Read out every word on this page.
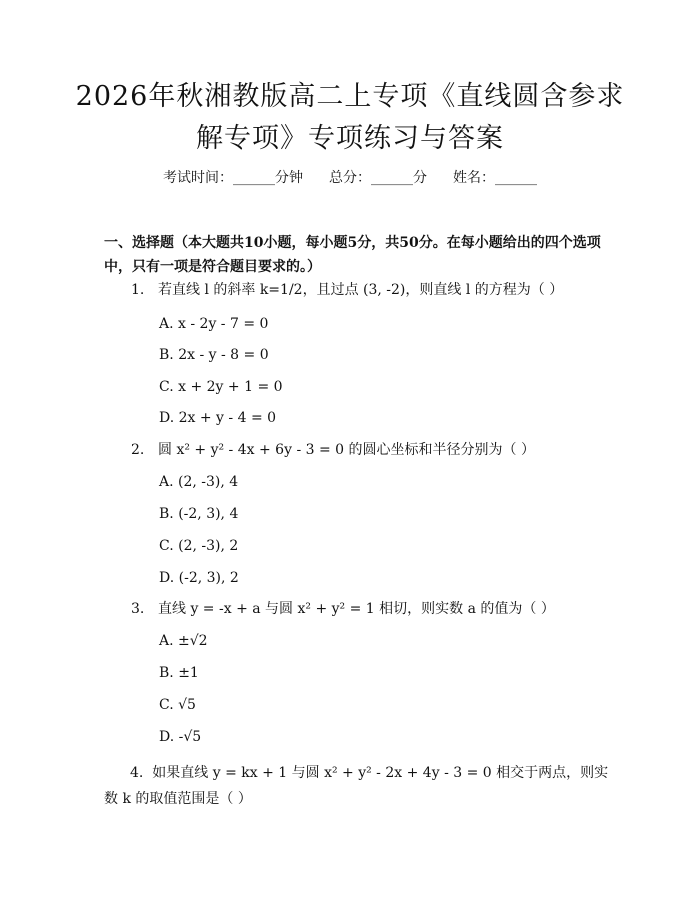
2026年秋湘教版高二上专项《直线圆含参求
解专项》专项练习与答案
考试时间：______分钟 总分：______分 姓名：______
一、选择题（本大题共10小题，每小题5分，共50分。在每小题给出的四个选项中，只有一项是符合题目要求的。）
1. 若直线 l 的斜率 k=1/2，且过点 (3, -2)，则直线 l 的方程为（ ）
A. x - 2y - 7 = 0
B. 2x - y - 8 = 0
C. x + 2y + 1 = 0
D. 2x + y - 4 = 0
2. 圆 x² + y² - 4x + 6y - 3 = 0 的圆心坐标和半径分别为（ ）
A. (2, -3), 4
B. (-2, 3), 4
C. (2, -3), 2
D. (-2, 3), 2
3. 直线 y = -x + a 与圆 x² + y² = 1 相切，则实数 a 的值为（ ）
A. ±√2
B. ±1
C. √5
D. -√5
4. 如果直线 y = kx + 1 与圆 x² + y² - 2x + 4y - 3 = 0 相交于两点，则实数 k 的取值范围是（ ）
